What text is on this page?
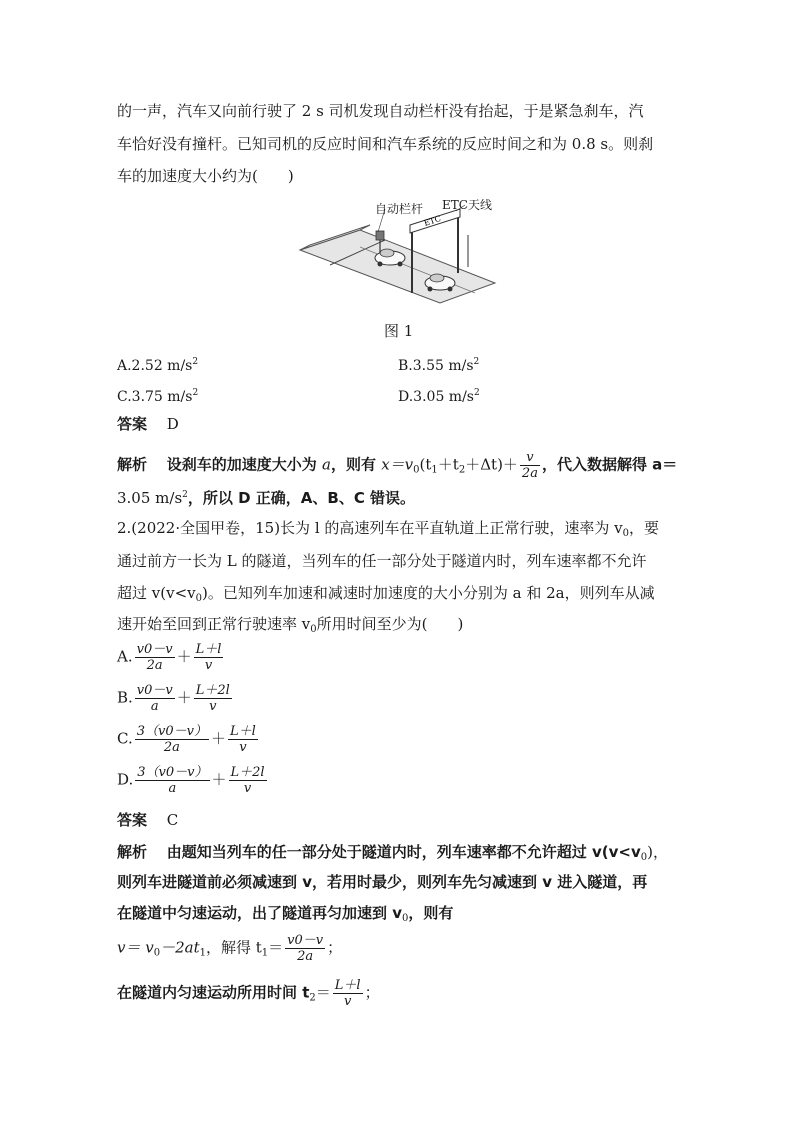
的一声，汽车又向前行驶了 2 s 司机发现自动栏杆没有抬起，于是紧急刹车，汽
车恰好没有撞杆。已知司机的反应时间和汽车系统的反应时间之和为 0.8 s。则刹
车的加速度大小约为(　　)
ETC
自动栏杆 ETC天线
图 1
A.2.52 $m/s^2$	B.3.55 $m/s^2$
C.3.75 $m/s^2$	D.3.05 $m/s^2$
答案　 D
解析　 设刹车的加速度大小为 a，则有 $x=v_0(t_1+t_2+\Delta t)+ \frac{v}{2a}$ ，代入数据解得 a＝
3.05 $m/s^2$，所以 D 正确，A、B、C 错误。
2.(2022·全国甲卷，15)长为 l 的高速列车在平直轨道上正常行驶，速率为 $v_0$，要
通过前方一长为 L 的隧道，当列车的任一部分处于隧道内时，列车速率都不允许
超过 $v(v<v_0)$。已知列车加速和减速时加速度的大小分别为 a 和 2a，则列车从减
速开始至回到正常行驶速率 $v_0$所用时间至少为(　　)
A. $\frac{v0-v}{2a} + \frac{L+l}{v}$
B. $\frac{v0-v}{a} + \frac{L+2l}{v}$
C. $\frac{3(v0-v)}{2a} + \frac{L+l}{v}$
D. $\frac{3(v0-v)}{a} + \frac{L+2l}{v}$
答案　 C
解析　 由题知当列车的任一部分处于隧道内时，列车速率都不允许超过 $v(v<v_0)$，
则列车进隧道前必须减速到 v，若用时最少，则列车先匀减速到 v 进入隧道，再
在隧道中匀速运动，出了隧道再匀加速到 $v_0$，则有
$v= v_0-2at_1$，解得 $t_1= \frac{v0-v}{2a}$ ；
在隧道内匀速运动所用时间 $t_2= \frac{L+l}{v}$ ；
